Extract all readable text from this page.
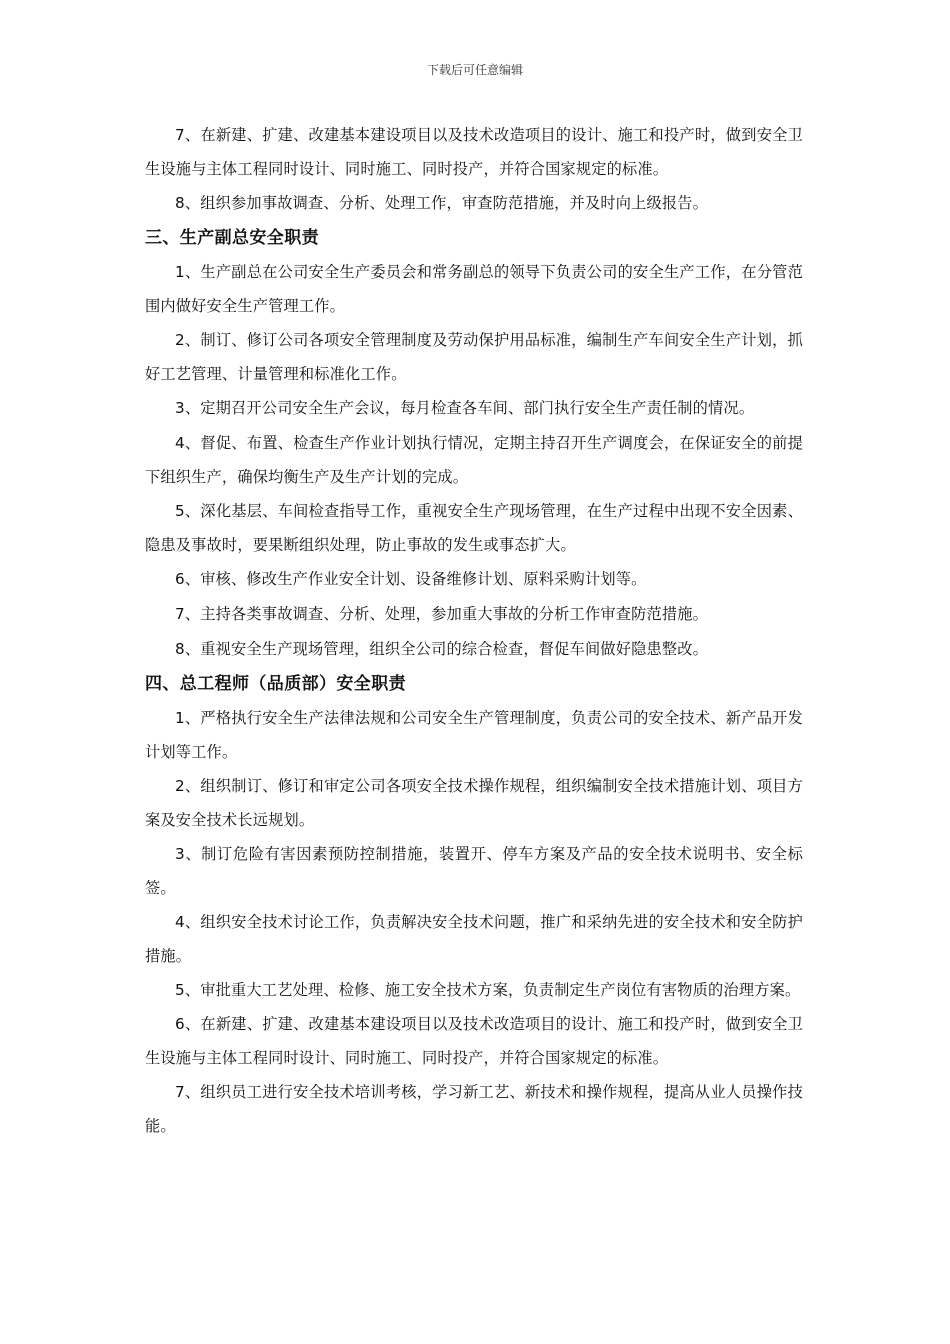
下载后可任意编辑

7、在新建、扩建、改建基本建设项目以及技术改造项目的设计、施工和投产时，做到安全卫生设施与主体工程同时设计、同时施工、同时投产，并符合国家规定的标准。

8、组织参加事故调查、分析、处理工作，审查防范措施，并及时向上级报告。

三、生产副总安全职责

1、生产副总在公司安全生产委员会和常务副总的领导下负责公司的安全生产工作，在分管范围内做好安全生产管理工作。

2、制订、修订公司各项安全管理制度及劳动保护用品标准，编制生产车间安全生产计划，抓好工艺管理、计量管理和标准化工作。

3、定期召开公司安全生产会议，每月检查各车间、部门执行安全生产责任制的情况。

4、督促、布置、检查生产作业计划执行情况，定期主持召开生产调度会，在保证安全的前提下组织生产，确保均衡生产及生产计划的完成。

5、深化基层、车间检查指导工作，重视安全生产现场管理，在生产过程中出现不安全因素、隐患及事故时，要果断组织处理，防止事故的发生或事态扩大。

6、审核、修改生产作业安全计划、设备维修计划、原料采购计划等。

7、主持各类事故调查、分析、处理，参加重大事故的分析工作审查防范措施。

8、重视安全生产现场管理，组织全公司的综合检查，督促车间做好隐患整改。

四、总工程师（品质部）安全职责

1、严格执行安全生产法律法规和公司安全生产管理制度，负责公司的安全技术、新产品开发计划等工作。

2、组织制订、修订和审定公司各项安全技术操作规程，组织编制安全技术措施计划、项目方案及安全技术长远规划。

3、制订危险有害因素预防控制措施，装置开、停车方案及产品的安全技术说明书、安全标签。

4、组织安全技术讨论工作，负责解决安全技术问题，推广和采纳先进的安全技术和安全防护措施。

5、审批重大工艺处理、检修、施工安全技术方案，负责制定生产岗位有害物质的治理方案。

6、在新建、扩建、改建基本建设项目以及技术改造项目的设计、施工和投产时，做到安全卫生设施与主体工程同时设计、同时施工、同时投产，并符合国家规定的标准。

7、组织员工进行安全技术培训考核，学习新工艺、新技术和操作规程，提高从业人员操作技能。
